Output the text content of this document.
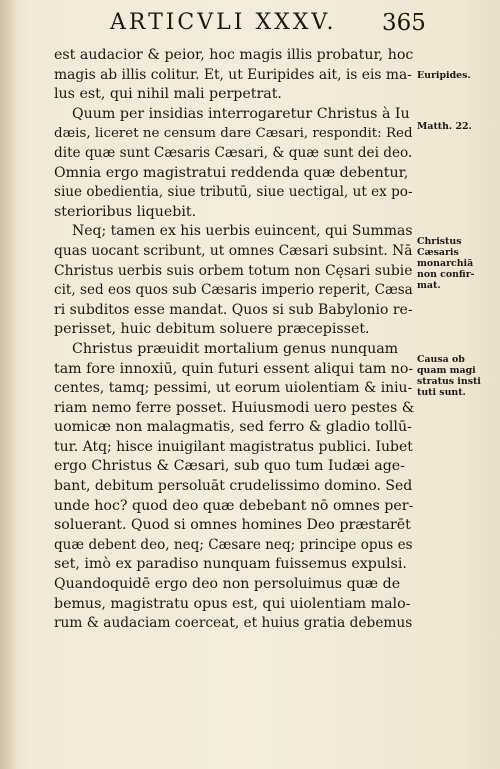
ARTICVLI XXXV. 365
est audacior & peior, hoc magis illis probatur, hoc
magis ab illis colitur. Et, ut Euripides ait, is eis ma-
lus est, qui nihil mali perpetrat.
Quum per insidias interrogaretur Christus à Iu
dæis, liceret ne censum dare Cæsari, respondit: Red
dite quæ sunt Cæsaris Cæsari, & quæ sunt dei deo.
Omnia ergo magistratui reddenda quæ debentur,
siue obedientia, siue tributū, siue uectigal, ut ex po-
sterioribus liquebit.
Neq; tamen ex his uerbis euincent, qui Summas
quas uocant scribunt, ut omnes Cæsari subsint. Nā
Christus uerbis suis orbem totum non Cęsari subie
cit, sed eos quos sub Cæsaris imperio reperit, Cæsa
ri subditos esse mandat. Quos si sub Babylonio re-
perisset, huic debitum soluere præcepisset.
Christus præuidit mortalium genus nunquam
tam fore innoxiū, quin futuri essent aliqui tam no-
centes, tamq; pessimi, ut eorum uiolentiam & iniu-
riam nemo ferre posset. Huiusmodi uero pestes &
uomicæ non malagmatis, sed ferro & gladio tollū-
tur. Atq; hisce inuigilant magistratus publici. Iubet
ergo Christus & Cæsari, sub quo tum Iudæi age-
bant, debitum persoluāt crudelissimo domino. Sed
unde hoc? quod deo quæ debebant nō omnes per-
soluerant. Quod si omnes homines Deo præstarēt
quæ debent deo, neq; Cæsare neq; principe opus es
set, imò ex paradiso nunquam fuissemus expulsi.
Quandoquidē ergo deo non persoluimus quæ de
bemus, magistratu opus est, qui uiolentiam malo-
rum & audaciam coerceat, et huius gratia debemus
Euripides.
Matth. 22.
Christus
Cæsaris
monarchiā
non confir-
mat.
Causa ob
quam magi
stratus insti
tuti sunt.
